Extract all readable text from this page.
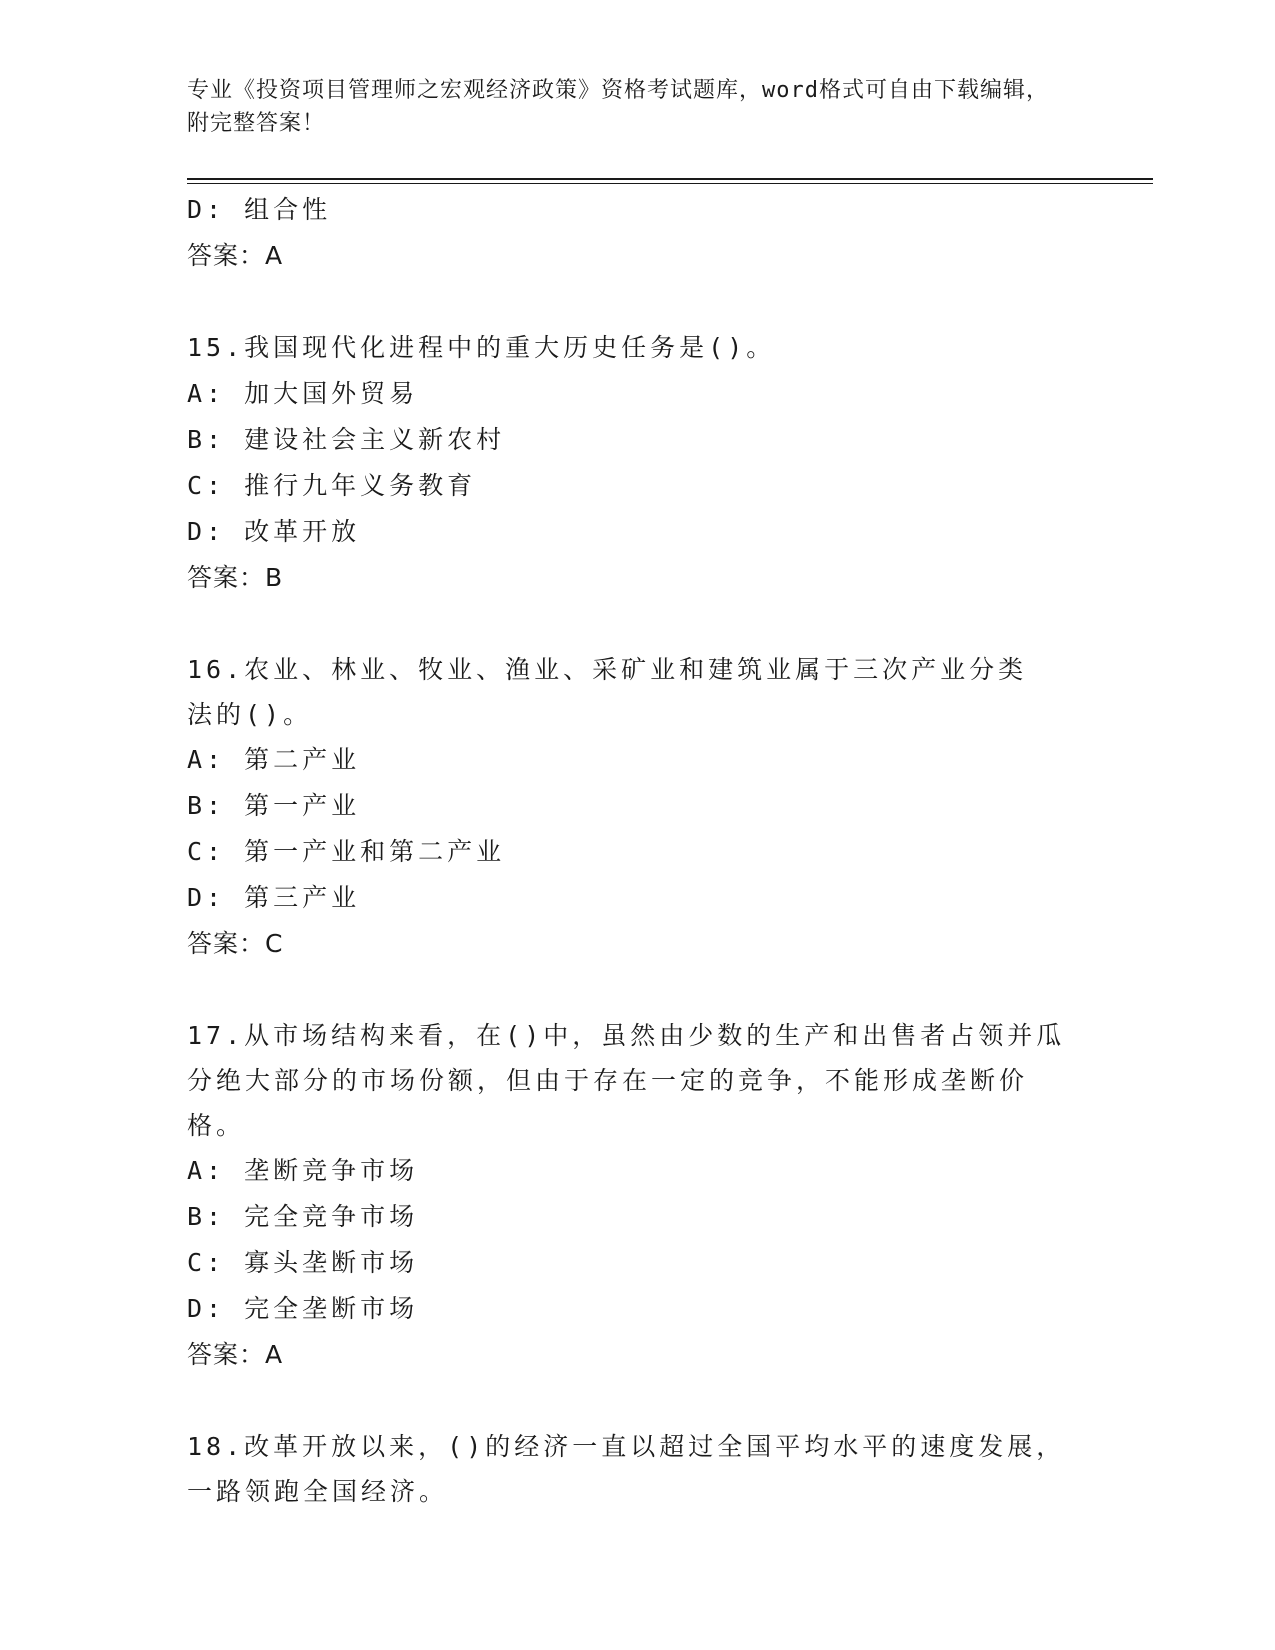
专业《投资项目管理师之宏观经济政策》资格考试题库，word格式可自由下载编辑，附完整答案！
D: 组合性
答案：A
15.我国现代化进程中的重大历史任务是()。
A: 加大国外贸易
B: 建设社会主义新农村
C: 推行九年义务教育
D: 改革开放
答案：B
16.农业、林业、牧业、渔业、采矿业和建筑业属于三次产业分类法的()。
A: 第二产业
B: 第一产业
C: 第一产业和第二产业
D: 第三产业
答案：C
17.从市场结构来看，在()中，虽然由少数的生产和出售者占领并瓜分绝大部分的市场份额，但由于存在一定的竞争，不能形成垄断价格。
A: 垄断竞争市场
B: 完全竞争市场
C: 寡头垄断市场
D: 完全垄断市场
答案：A
18.改革开放以来，()的经济一直以超过全国平均水平的速度发展，一路领跑全国经济。
